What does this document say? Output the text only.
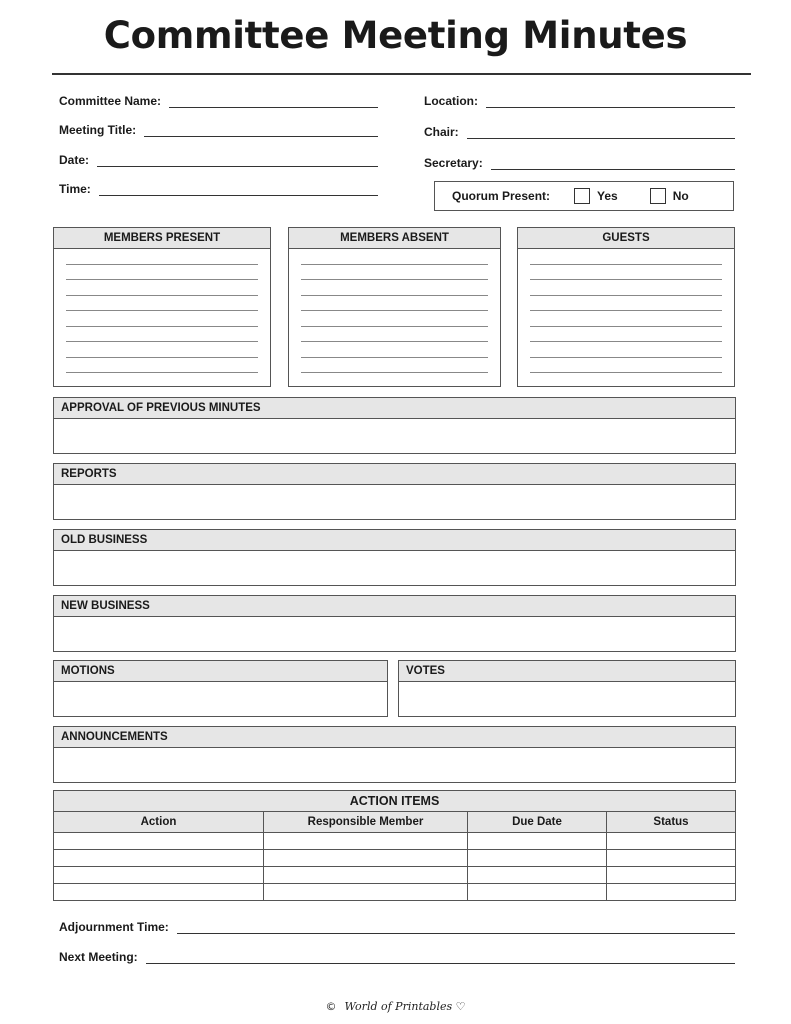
Committee Meeting Minutes
Committee Name:
Meeting Title:
Date:
Time:
Location:
Chair:
Secretary:
Quorum Present:	Yes	No
MEMBERS PRESENT	MEMBERS ABSENT	GUESTS
APPROVAL OF PREVIOUS MINUTES
REPORTS
OLD BUSINESS
NEW BUSINESS
MOTIONS	VOTES
ANNOUNCEMENTS
ACTION ITEMS			
Action	Responsible Member	Due Date	Status

Adjournment Time:
Next Meeting:
© World of Printables ♡
